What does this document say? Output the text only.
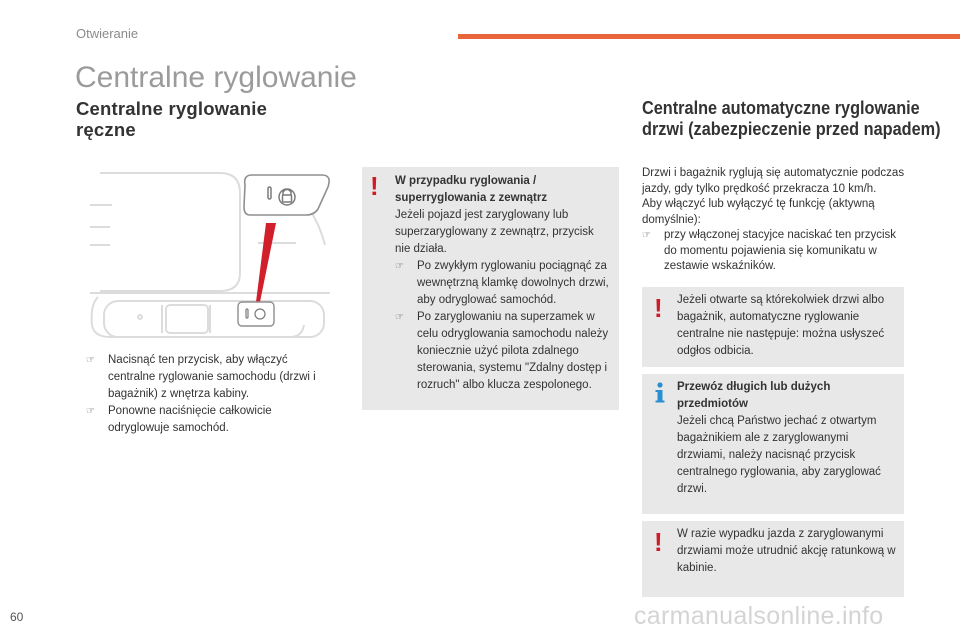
Otwieranie
Centralne ryglowanie
Centralne ryglowanie ręczne
☞ Nacisnąć ten przycisk, aby włączyć centralne ryglowanie samochodu (drzwi i bagażnik) z wnętrza kabiny.
☞ Ponowne naciśnięcie całkowicie odryglowuje samochód.
! W przypadku ryglowania / superryglowania z zewnątrz
Jeżeli pojazd jest zaryglowany lub superzaryglowany z zewnątrz, przycisk nie działa.
☞ Po zwykłym ryglowaniu pociągnąć za wewnętrzną klamkę dowolnych drzwi, aby odryglować samochód.
☞ Po zaryglowaniu na superzamek w celu odryglowania samochodu należy koniecznie użyć pilota zdalnego sterowania, systemu "Zdalny dostęp i rozruch" albo klucza zespolonego.
Centralne automatyczne ryglowanie drzwi (zabezpieczenie przed napadem)
Drzwi i bagażnik ryglują się automatycznie podczas jazdy, gdy tylko prędkość przekracza 10 km/h.
Aby włączyć lub wyłączyć tę funkcję (aktywną domyślnie):
☞ przy włączonej stacyjce naciskać ten przycisk do momentu pojawienia się komunikatu w zestawie wskaźników.
! Jeżeli otwarte są którekolwiek drzwi albo bagażnik, automatyczne ryglowanie centralne nie następuje: można usłyszeć odgłos odbicia.
Przewóz długich lub dużych przedmiotów
Jeżeli chcą Państwo jechać z otwartym bagażnikiem ale z zaryglowanymi drzwiami, należy nacisnąć przycisk centralnego ryglowania, aby zaryglować drzwi.
! W razie wypadku jazda z zaryglowanymi drzwiami może utrudnić akcję ratunkową w kabinie.
60	carmanualsonline.info
